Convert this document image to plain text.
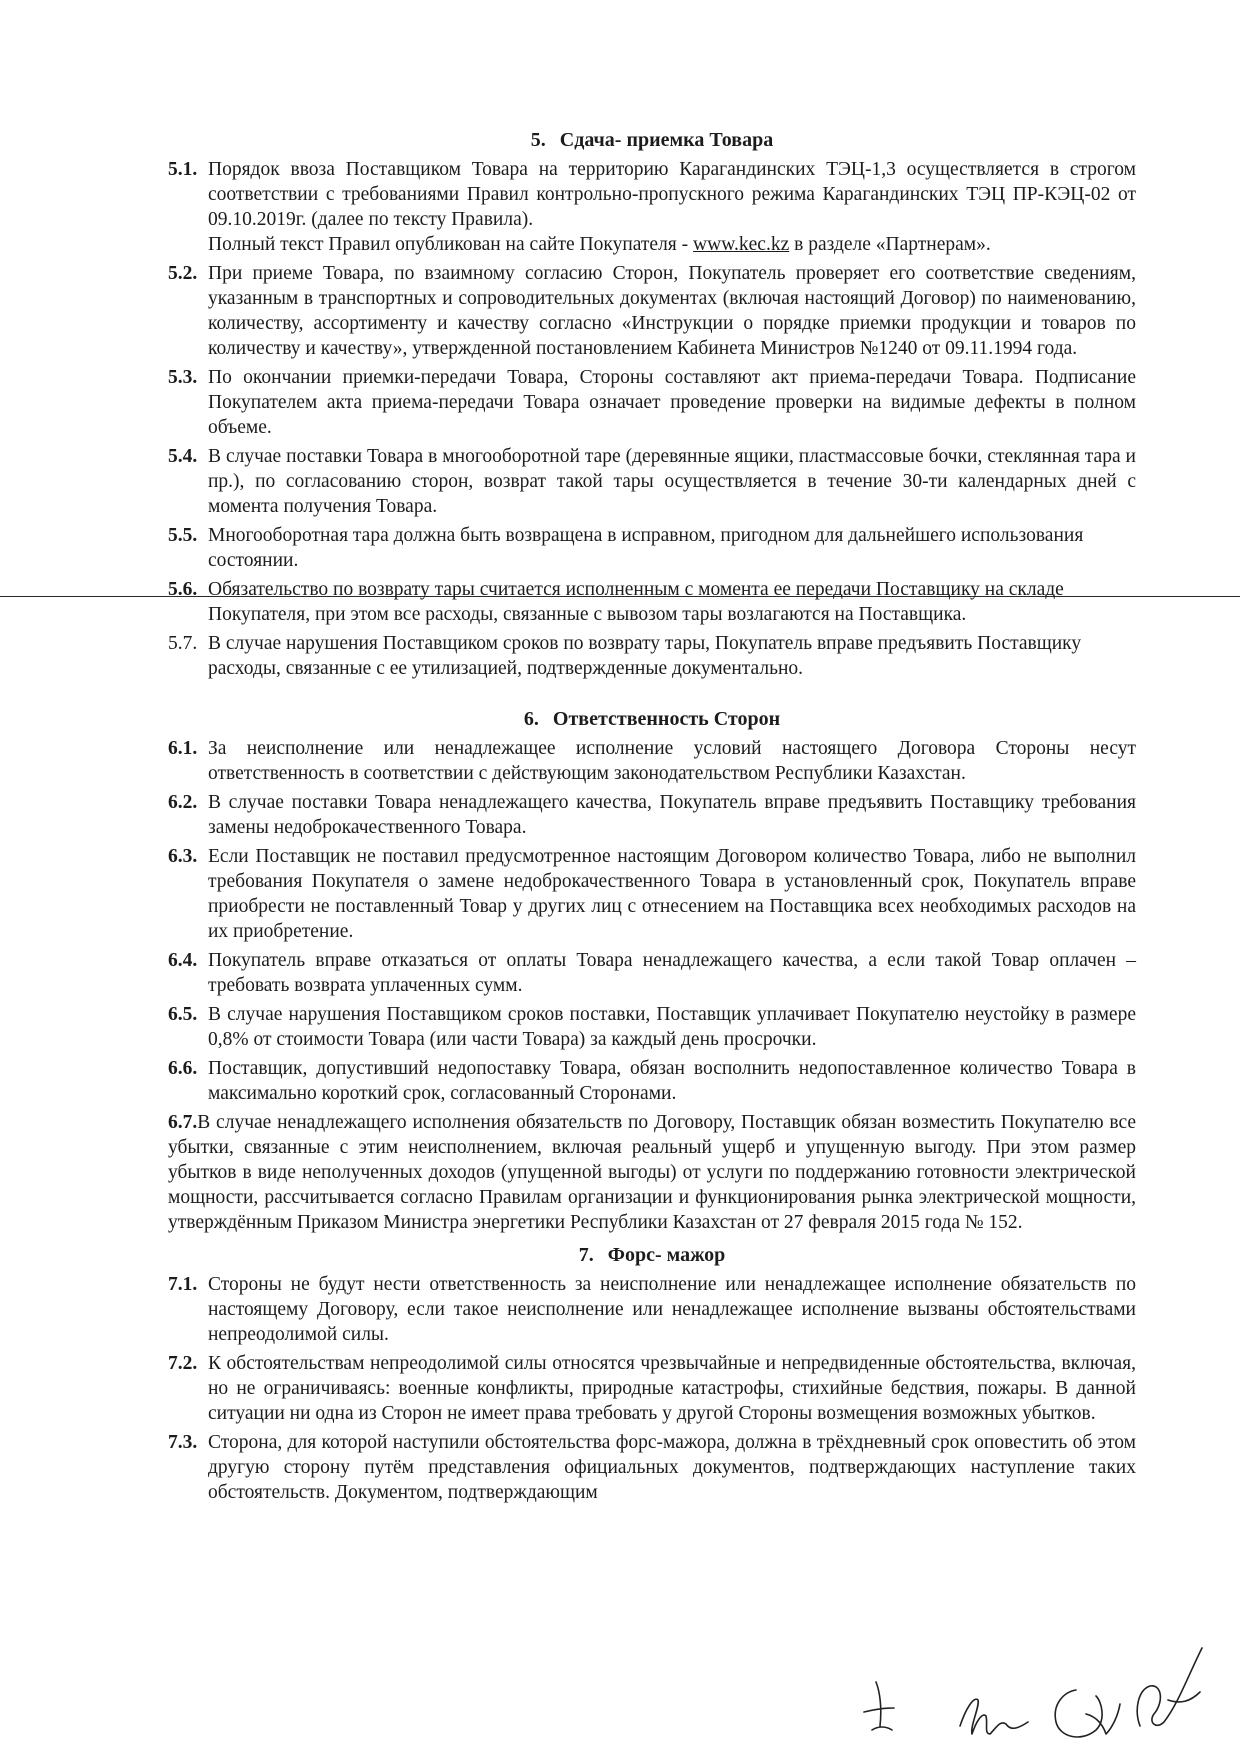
5. Сдача- приемка Товара
5.1. Порядок ввоза Поставщиком Товара на территорию Карагандинских ТЭЦ-1,3 осуществляется в строгом соответствии с требованиями Правил контрольно-пропускного режима Карагандинских ТЭЦ ПР-КЭЦ-02 от 09.10.2019г. (далее по тексту Правила).
Полный текст Правил опубликован на сайте Покупателя - www.kec.kz в разделе «Партнерам».
5.2. При приеме Товара, по взаимному согласию Сторон, Покупатель проверяет его соответствие сведениям, указанным в транспортных и сопроводительных документах (включая настоящий Договор) по наименованию, количеству, ассортименту и качеству согласно «Инструкции о порядке приемки продукции и товаров по количеству и качеству», утвержденной постановлением Кабинета Министров №1240 от 09.11.1994 года.
5.3. По окончании приемки-передачи Товара, Стороны составляют акт приема-передачи Товара. Подписание Покупателем акта приема-передачи Товара означает проведение проверки на видимые дефекты в полном объеме.
5.4. В случае поставки Товара в многооборотной таре (деревянные ящики, пластмассовые бочки, стеклянная тара и пр.), по согласованию сторон, возврат такой тары осуществляется в течение 30-ти календарных дней с момента получения Товара.
5.5. Многооборотная тара должна быть возвращена в исправном, пригодном для дальнейшего использования состоянии.
5.6. Обязательство по возврату тары считается исполненным с момента ее передачи Поставщику на складе Покупателя, при этом все расходы, связанные с вывозом тары возлагаются на Поставщика.
5.7. В случае нарушения Поставщиком сроков по возврату тары, Покупатель вправе предъявить Поставщику расходы, связанные с ее утилизацией, подтвержденные документально.
6. Ответственность Сторон
6.1. За неисполнение или ненадлежащее исполнение условий настоящего Договора Стороны несут ответственность в соответствии с действующим законодательством Республики Казахстан.
6.2. В случае поставки Товара ненадлежащего качества, Покупатель вправе предъявить Поставщику требования замены недоброкачественного Товара.
6.3. Если Поставщик не поставил предусмотренное настоящим Договором количество Товара, либо не выполнил требования Покупателя о замене недоброкачественного Товара в установленный срок, Покупатель вправе приобрести не поставленный Товар у других лиц с отнесением на Поставщика всех необходимых расходов на их приобретение.
6.4. Покупатель вправе отказаться от оплаты Товара ненадлежащего качества, а если такой Товар оплачен – требовать возврата уплаченных сумм.
6.5. В случае нарушения Поставщиком сроков поставки, Поставщик уплачивает Покупателю неустойку в размере 0,8% от стоимости Товара (или части Товара) за каждый день просрочки.
6.6. Поставщик, допустивший недопоставку Товара, обязан восполнить недопоставленное количество Товара в максимально короткий срок, согласованный Сторонами.
6.7.В случае ненадлежащего исполнения обязательств по Договору, Поставщик обязан возместить Покупателю все убытки, связанные с этим неисполнением, включая реальный ущерб и упущенную выгоду. При этом размер убытков в виде неполученных доходов (упущенной выгоды) от услуги по поддержанию готовности электрической мощности, рассчитывается согласно Правилам организации и функционирования рынка электрической мощности, утверждённым Приказом Министра энергетики Республики Казахстан от 27 февраля 2015 года № 152.
7. Форс- мажор
7.1. Стороны не будут нести ответственность за неисполнение или ненадлежащее исполнение обязательств по настоящему Договору, если такое неисполнение или ненадлежащее исполнение вызваны обстоятельствами непреодолимой силы.
7.2. К обстоятельствам непреодолимой силы относятся чрезвычайные и непредвиденные обстоятельства, включая, но не ограничиваясь: военные конфликты, природные катастрофы, стихийные бедствия, пожары. В данной ситуации ни одна из Сторон не имеет права требовать у другой Стороны возмещения возможных убытков.
7.3. Сторона, для которой наступили обстоятельства форс-мажора, должна в трёхдневный срок оповестить об этом другую сторону путём представления официальных документов, подтверждающих наступление таких обстоятельств. Документом, подтверждающим
